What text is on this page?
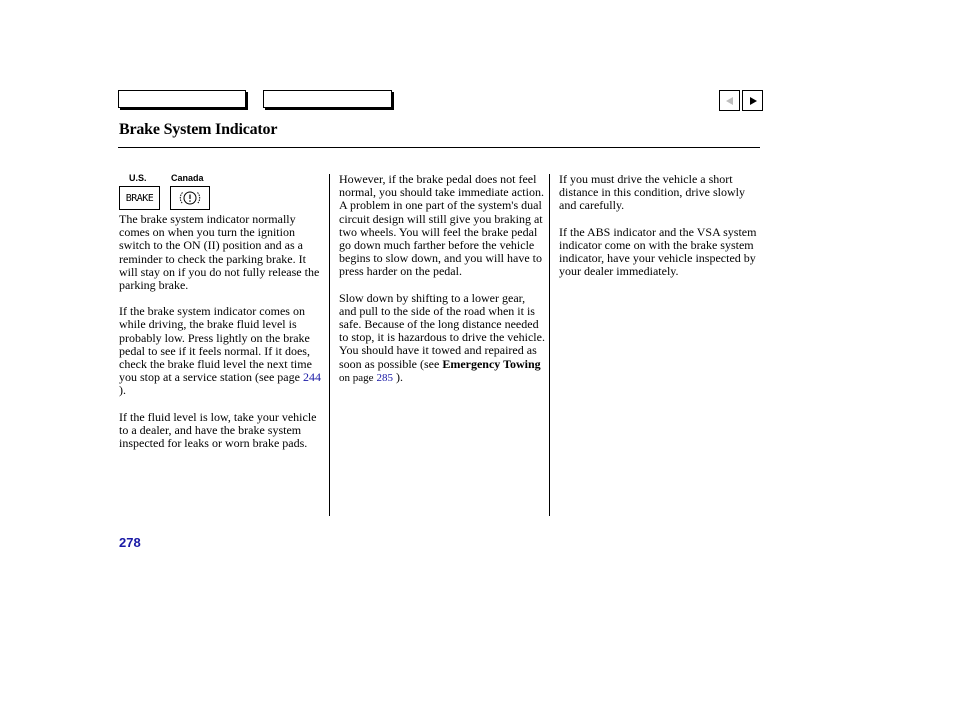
Brake System Indicator
U.S.	Canada
BRAKE

The brake system indicator normally comes on when you turn the ignition switch to the ON (II) position and as a reminder to check the parking brake. It will stay on if you do not fully release the parking brake.

If the brake system indicator comes on while driving, the brake fluid level is probably low. Press lightly on the brake pedal to see if it feels normal. If it does, check the brake fluid level the next time you stop at a service station (see page 244 ).

If the fluid level is low, take your vehicle to a dealer, and have the brake system inspected for leaks or worn brake pads.

However, if the brake pedal does not feel normal, you should take immediate action. A problem in one part of the system's dual circuit design will still give you braking at two wheels. You will feel the brake pedal go down much farther before the vehicle begins to slow down, and you will have to press harder on the pedal.

Slow down by shifting to a lower gear, and pull to the side of the road when it is safe. Because of the long distance needed to stop, it is hazardous to drive the vehicle. You should have it towed and repaired as soon as possible (see Emergency Towing on page 285 ).

If you must drive the vehicle a short distance in this condition, drive slowly and carefully.

If the ABS indicator and the VSA system indicator come on with the brake system indicator, have your vehicle inspected by your dealer immediately.

278
